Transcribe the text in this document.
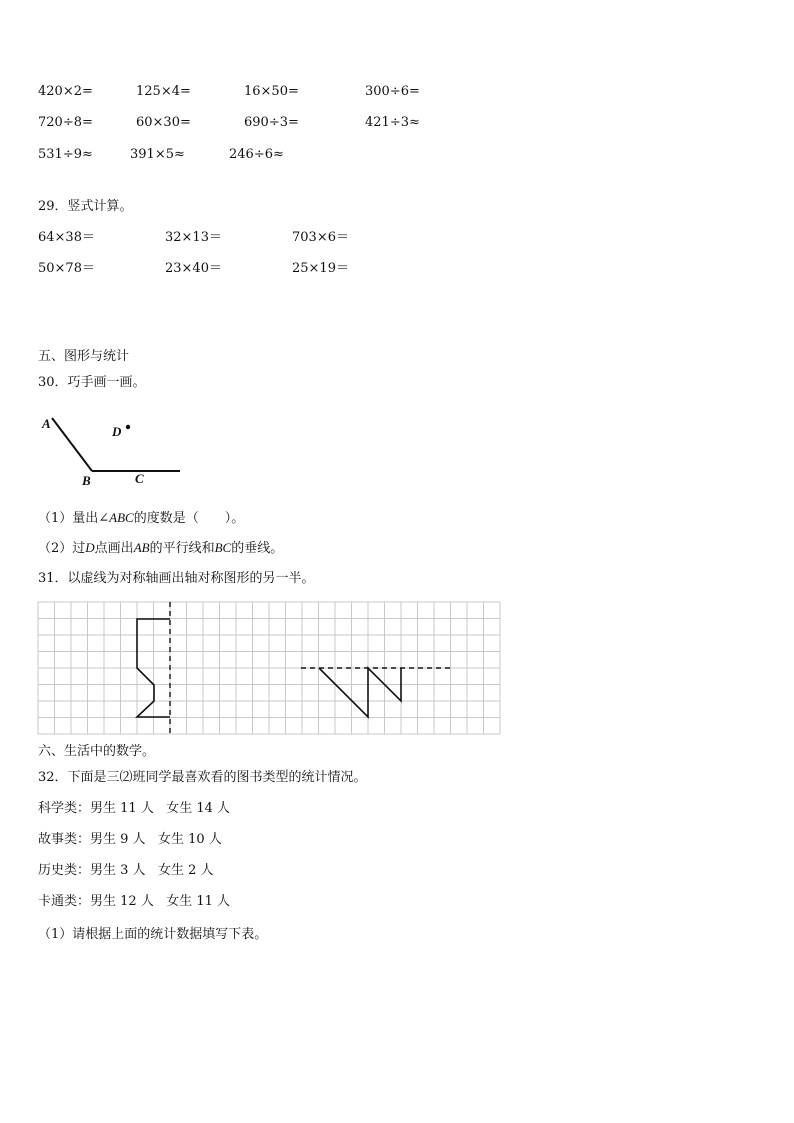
420×2=	125×4=	16×50=	300÷6=
720÷8=	60×30=	690÷3=	421÷3≈
531÷9≈	391×5≈	246÷6≈
29．竖式计算。
64×38＝	32×13＝	703×6＝
50×78＝	23×40＝	25×19＝
五、图形与统计
30．巧手画一画。
A
D
B	C
（1）量出∠ABC的度数是（　　）。
（2）过D点画出AB的平行线和BC的垂线。
31．以虚线为对称轴画出轴对称图形的另一半。
六、生活中的数学。
32．下面是三⑵班同学最喜欢看的图书类型的统计情况。
科学类：男生 11 人 女生 14 人
故事类：男生 9 人 女生 10 人
历史类：男生 3 人 女生 2 人
卡通类：男生 12 人 女生 11 人
（1）请根据上面的统计数据填写下表。
